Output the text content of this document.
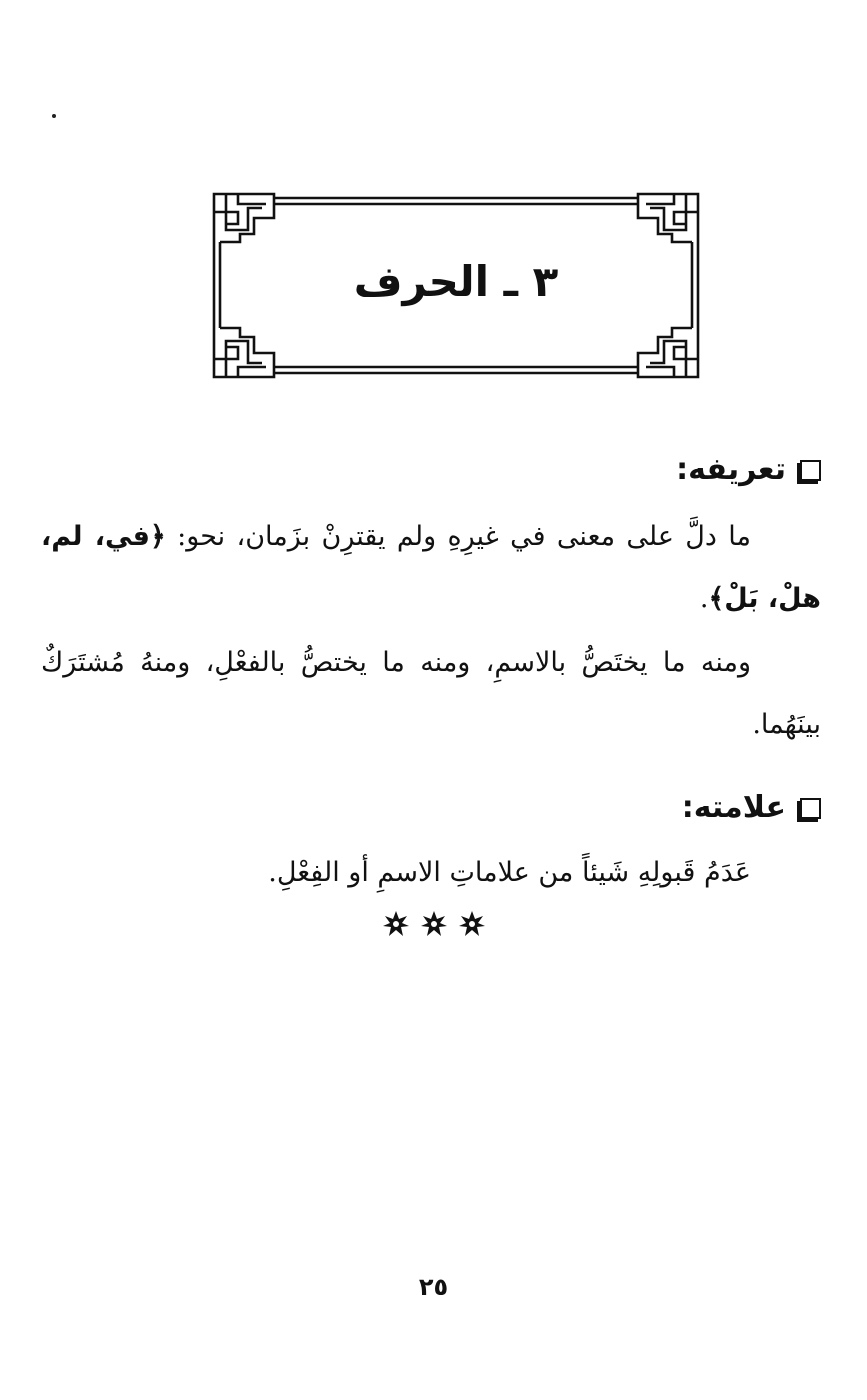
٣ ـ الحرف
تعريفه:
ما دلَّ على معنى في غيرِهِ ولم يقترِنْ بزَمان، نحو: ﴿في، لم، هلْ، بَلْ﴾.
ومنه ما يختَصُّ بالاسمِ، ومنه ما يختصُّ بالفعْلِ، ومنهُ مُشتَرَكٌ بينَهُما.
علامته:
عَدَمُ قَبولِهِ شَيئاً من علاماتِ الاسمِ أو الفِعْلِ.
٢٥
